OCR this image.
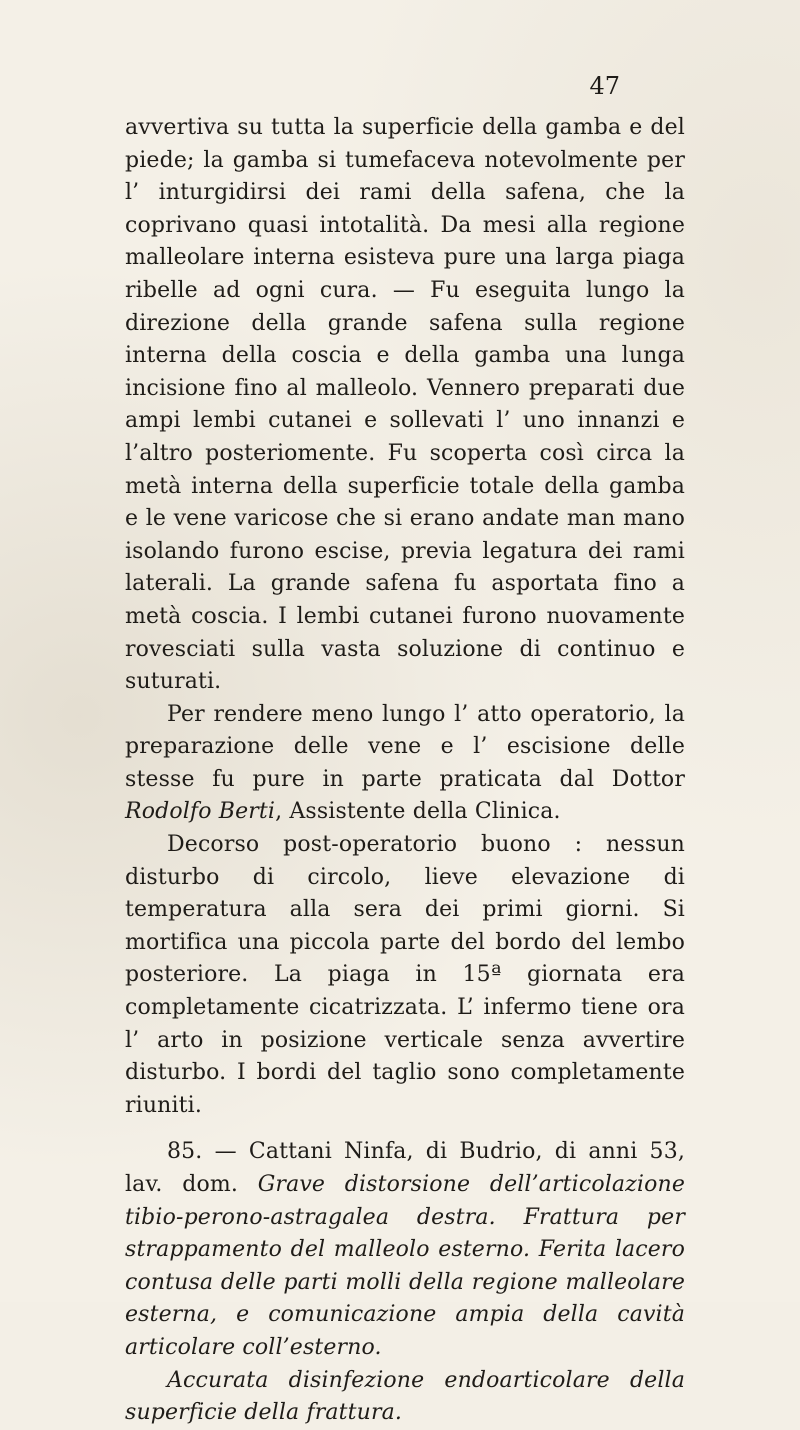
47

avvertiva su tutta la superficie della gamba e del piede; la gamba si tumefaceva notevolmente per l’ inturgidirsi dei rami della safena, che la coprivano quasi intotalità. Da mesi alla regione malleolare interna esisteva pure una larga piaga ribelle ad ogni cura. — Fu eseguita lungo la direzione della grande safena sulla regione interna della coscia e della gamba una lunga incisione fino al malleolo. Vennero preparati due ampi lembi cutanei e sollevati l’ uno innanzi e l’altro posteriomente. Fu scoperta così circa la metà interna della superficie totale della gamba e le vene varicose che si erano andate man mano isolando furono escise, previa legatura dei rami laterali. La grande safena fu asportata fino a metà coscia. I lembi cutanei furono nuovamente rovesciati sulla vasta soluzione di continuo e suturati.

Per rendere meno lungo l’ atto operatorio, la preparazione delle vene e l’ escisione delle stesse fu pure in parte praticata dal Dottor Rodolfo Berti, Assistente della Clinica.

Decorso post-operatorio buono : nessun disturbo di circolo, lieve elevazione di temperatura alla sera dei primi giorni. Si mortifica una piccola parte del bordo del lembo posteriore. La piaga in 15ª giornata era completamente cicatrizzata. L’ infermo tiene ora l’ arto in posizione verticale senza avvertire disturbo. I bordi del taglio sono completamente riuniti.

85. — Cattani Ninfa, di Budrio, di anni 53, lav. dom. Grave distorsione dell’articolazione tibio-perono-astragalea destra. Frattura per strappamento del malleolo esterno. Ferita lacero contusa delle parti molli della regione malleolare esterna, e comunicazione ampia della cavità articolare coll’esterno.

Accurata disinfezione endoarticolare della superficie della frattura.
